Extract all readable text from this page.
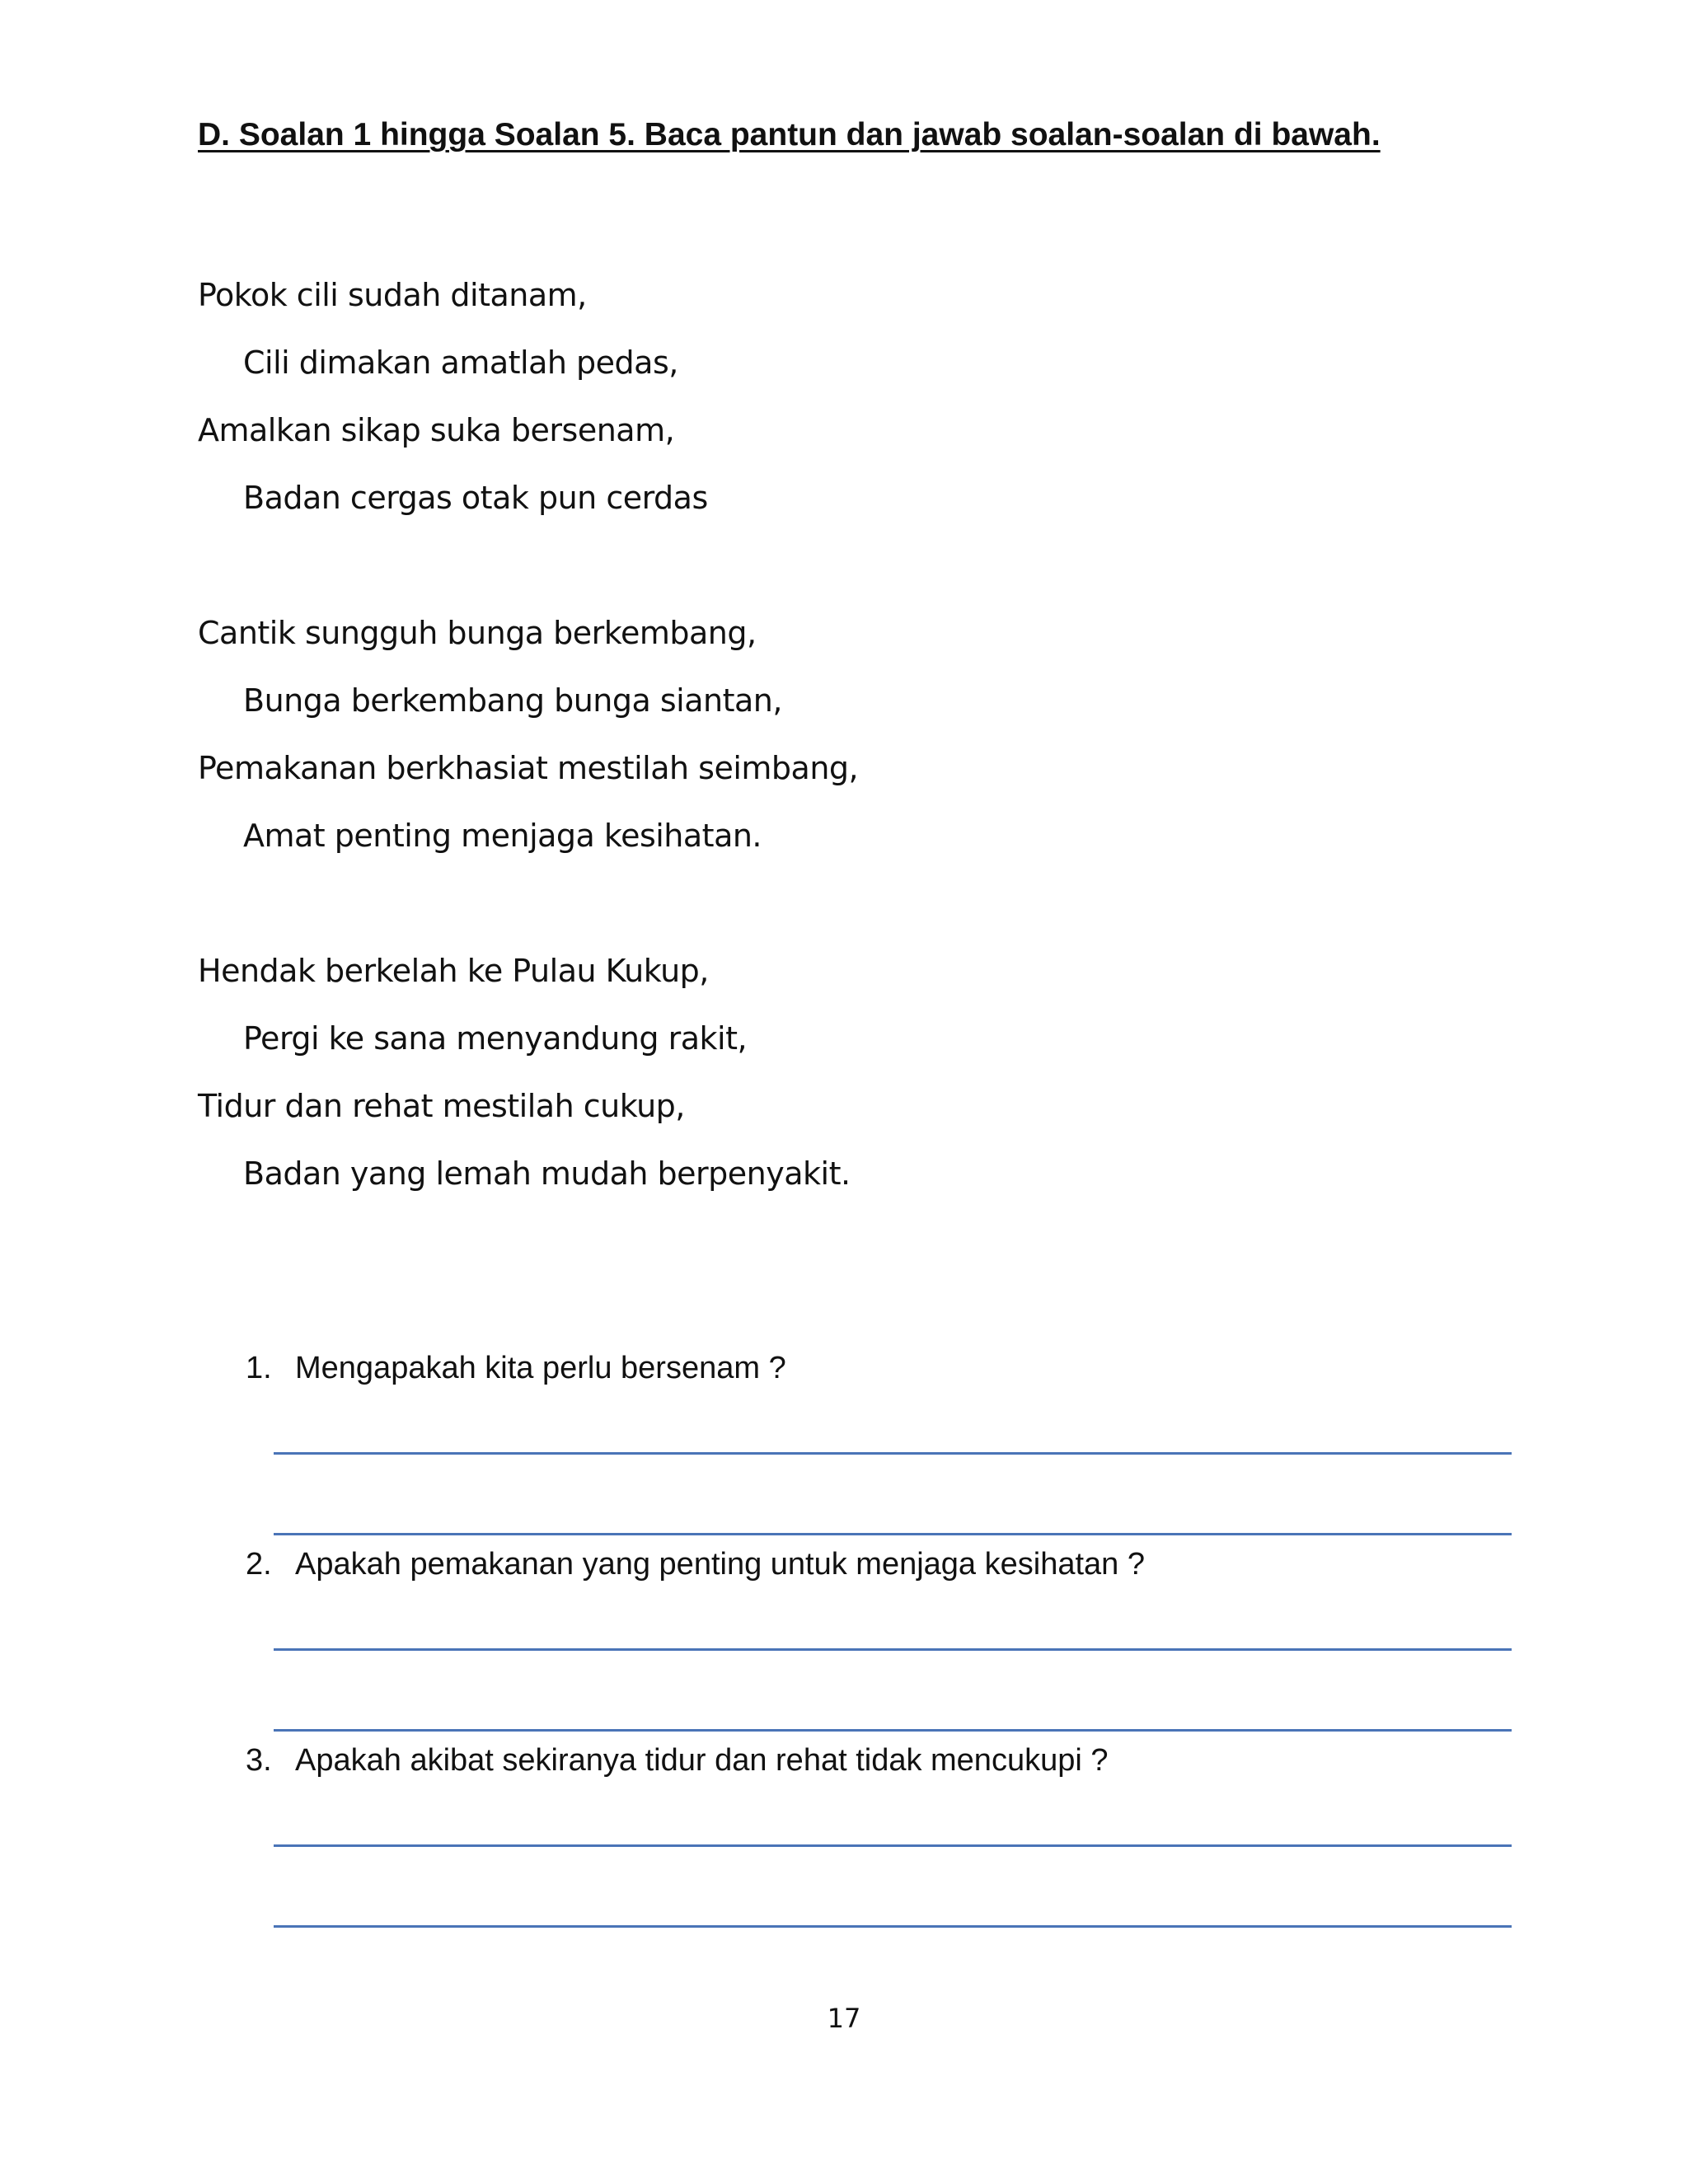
D. Soalan 1 hingga Soalan 5. Baca pantun dan jawab soalan-soalan di bawah.
Pokok cili sudah ditanam,
Cili dimakan amatlah pedas,
Amalkan sikap suka bersenam,
Badan cergas otak pun cerdas
Cantik sungguh bunga berkembang,
Bunga berkembang bunga siantan,
Pemakanan berkhasiat mestilah seimbang,
Amat penting menjaga kesihatan.
Hendak berkelah ke Pulau Kukup,
Pergi ke sana menyandung rakit,
Tidur dan rehat mestilah cukup,
Badan yang lemah mudah berpenyakit.
1. Mengapakah kita perlu bersenam ?
2. Apakah pemakanan yang penting untuk menjaga kesihatan ?
3. Apakah akibat sekiranya tidur dan rehat tidak mencukupi ?
17
